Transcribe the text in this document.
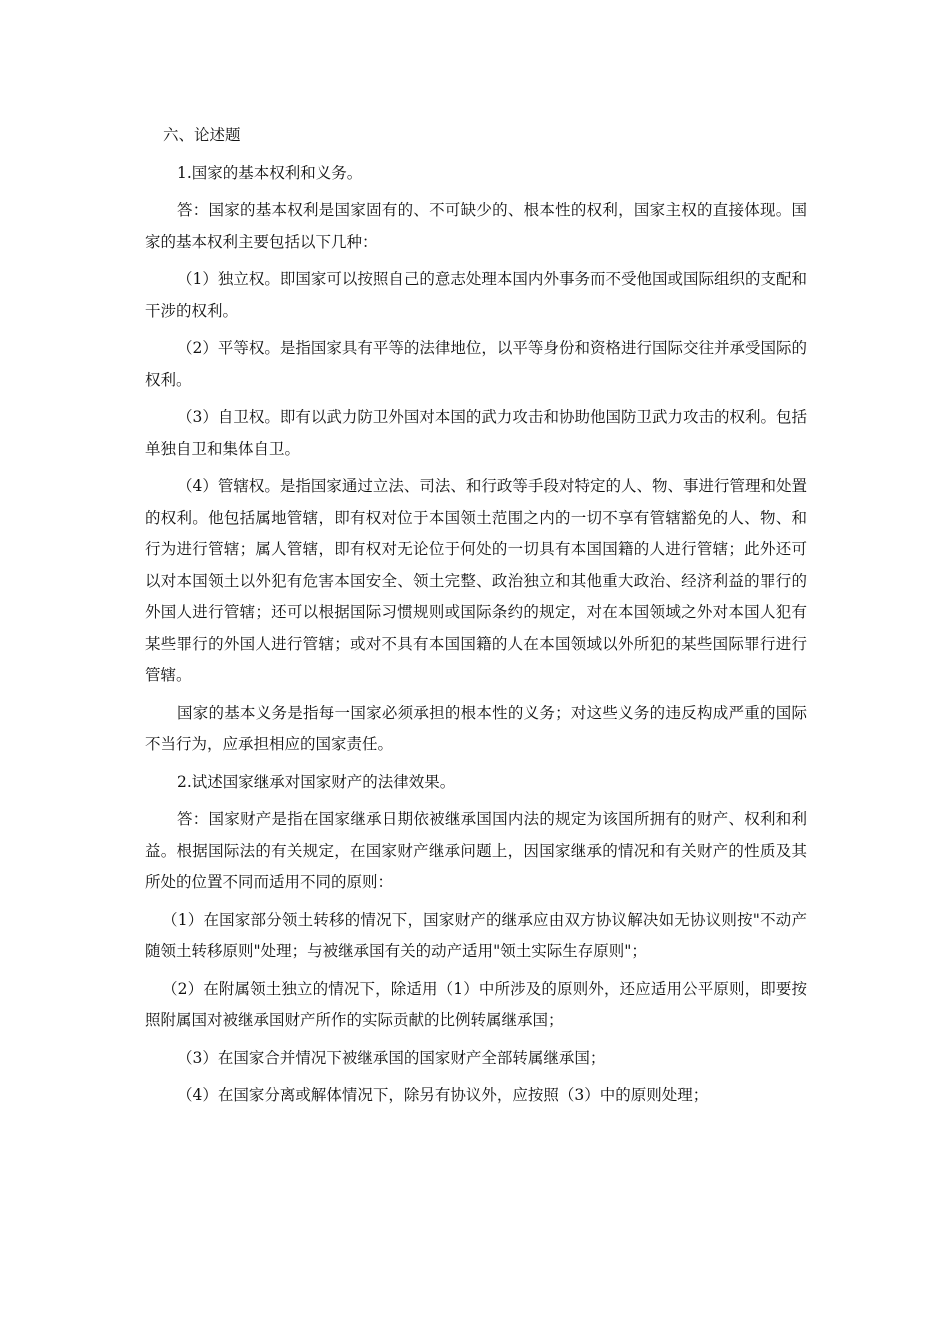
六、论述题

1.国家的基本权利和义务。

答：国家的基本权利是国家固有的、不可缺少的、根本性的权利，国家主权的直接体现。国家的基本权利主要包括以下几种：

（1）独立权。即国家可以按照自己的意志处理本国内外事务而不受他国或国际组织的支配和干涉的权利。

（2）平等权。是指国家具有平等的法律地位，以平等身份和资格进行国际交往并承受国际的权利。

（3）自卫权。即有以武力防卫外国对本国的武力攻击和协助他国防卫武力攻击的权利。包括单独自卫和集体自卫。

（4）管辖权。是指国家通过立法、司法、和行政等手段对特定的人、物、事进行管理和处置的权利。他包括属地管辖，即有权对位于本国领土范围之内的一切不享有管辖豁免的人、物、和行为进行管辖；属人管辖，即有权对无论位于何处的一切具有本国国籍的人进行管辖；此外还可以对本国领土以外犯有危害本国安全、领土完整、政治独立和其他重大政治、经济利益的罪行的外国人进行管辖；还可以根据国际习惯规则或国际条约的规定，对在本国领域之外对本国人犯有某些罪行的外国人进行管辖；或对不具有本国国籍的人在本国领域以外所犯的某些国际罪行进行管辖。

国家的基本义务是指每一国家必须承担的根本性的义务；对这些义务的违反构成严重的国际不当行为，应承担相应的国家责任。

2.试述国家继承对国家财产的法律效果。

答：国家财产是指在国家继承日期依被继承国国内法的规定为该国所拥有的财产、权利和利益。根据国际法的有关规定，在国家财产继承问题上，因国家继承的情况和有关财产的性质及其所处的位置不同而适用不同的原则：

（1）在国家部分领土转移的情况下，国家财产的继承应由双方协议解决如无协议则按"不动产随领土转移原则"处理；与被继承国有关的动产适用"领土实际生存原则"；

（2）在附属领土独立的情况下，除适用（1）中所涉及的原则外，还应适用公平原则，即要按照附属国对被继承国财产所作的实际贡献的比例转属继承国；

（3）在国家合并情况下被继承国的国家财产全部转属继承国；

（4）在国家分离或解体情况下，除另有协议外，应按照（3）中的原则处理；
